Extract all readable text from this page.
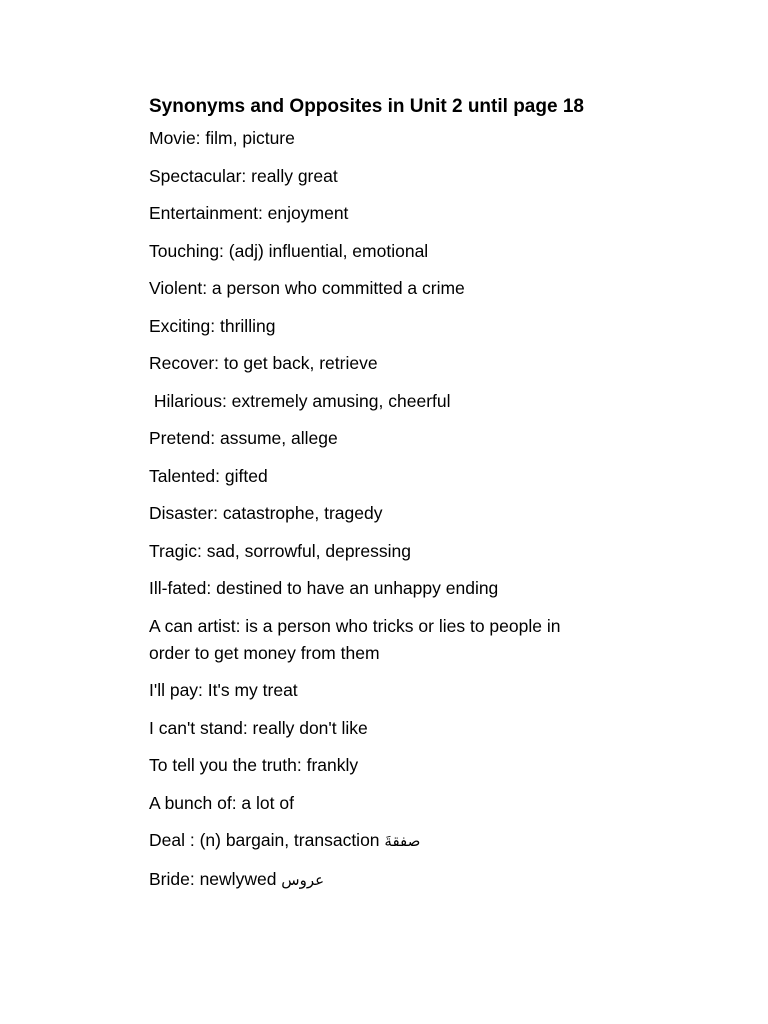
Synonyms and Opposites in Unit 2 until page 18
Movie: film, picture
Spectacular: really great
Entertainment: enjoyment
Touching: (adj) influential, emotional
Violent: a person who committed a crime
Exciting: thrilling
Recover: to get back, retrieve
Hilarious: extremely amusing, cheerful
Pretend: assume, allege
Talented: gifted
Disaster: catastrophe, tragedy
Tragic: sad, sorrowful, depressing
Ill-fated: destined to have an unhappy ending
A can artist: is a person who tricks or lies to people in order to get money from them
I'll pay: It's my treat
I can't stand: really don't like
To tell you the truth: frankly
A bunch of: a lot of
Deal : (n) bargain, transaction صفقةَ
Bride: newlywed عروس
